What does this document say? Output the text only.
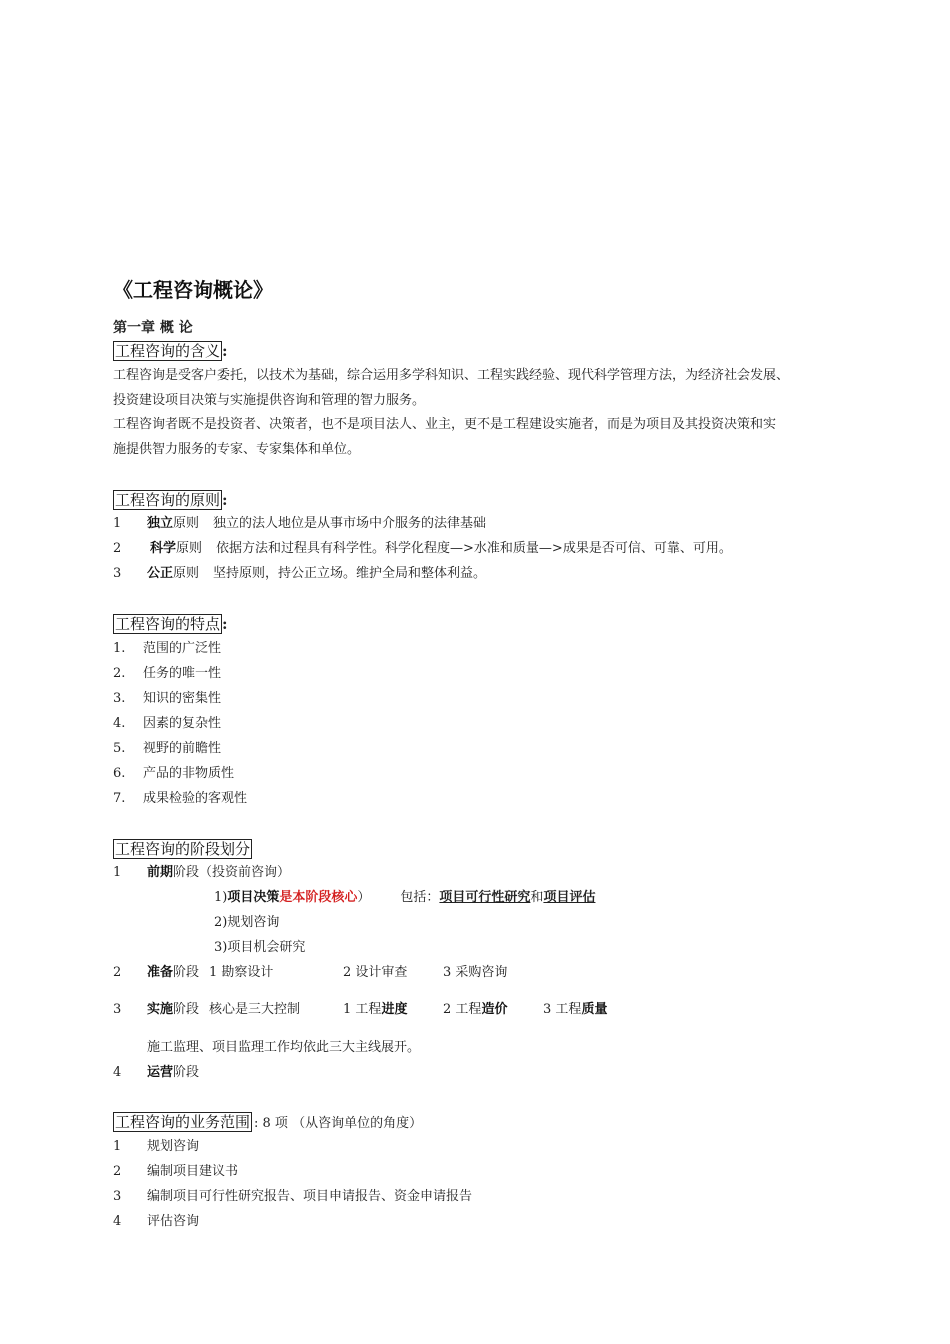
《工程咨询概论》
第一章 概 论
工程咨询的含义 :
工程咨询是受客户委托，以技术为基础，综合运用多学科知识、工程实践经验、现代科学管理方法，为经济社会发展、
投资建设项目决策与实施提供咨询和管理的智力服务。
工程咨询者既不是投资者、决策者，也不是项目法人、业主，更不是工程建设实施者，而是为项目及其投资决策和实
施提供智力服务的专家、专家集体和单位。
工程咨询的原则 :
1 独立原则 独立的法人地位是从事市场中介服务的法律基础
2 科学原则 依据方法和过程具有科学性。科学化程度—>水准和质量—>成果是否可信、可靠、可用。
3 公正原则 坚持原则，持公正立场。维护全局和整体利益。
工程咨询的特点 :
1. 范围的广泛性
2. 任务的唯一性
3. 知识的密集性
4. 因素的复杂性
5. 视野的前瞻性
6. 产品的非物质性
7. 成果检验的客观性
工程咨询的阶段划分
1 前期阶段（投资前咨询）
1)项目决策是本阶段核心） 包括：项目可行性研究和项目评估
2)规划咨询
3)项目机会研究
2 准备阶段 1 勘察设计	2 设计审查	3 采购咨询
3 实施阶段 核心是三大控制	1 工程进度	2 工程造价	3 工程质量
施工监理、项目监理工作均依此三大主线展开。
4 运营阶段
工程咨询的业务范围 : 8 项 （从咨询单位的角度）
1 规划咨询
2 编制项目建议书
3 编制项目可行性研究报告、项目申请报告、资金申请报告
4 评估咨询
